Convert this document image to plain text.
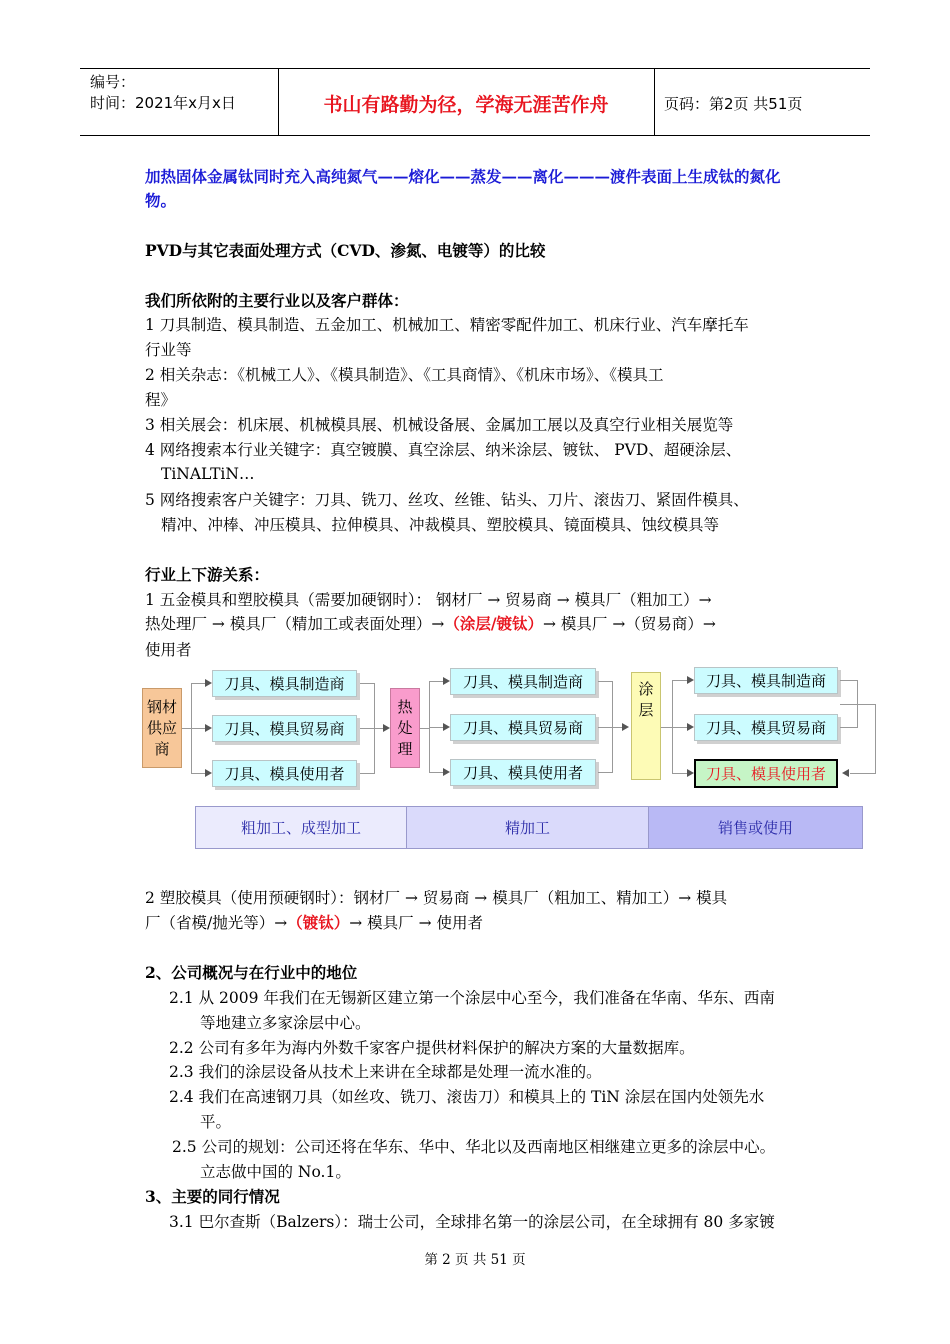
编号：
时间：2021年x月x日	书山有路勤为径，学海无涯苦作舟	页码：第2页 共51页
加热固体金属钛同时充入高纯氮气——熔化——蒸发——离化———渡件表面上生成钛的氮化
物。
PVD与其它表面处理方式（CVD、渗氮、电镀等）的比较
我们所依附的主要行业以及客户群体：
1 刀具制造、模具制造、五金加工、机械加工、精密零配件加工、机床行业、汽车摩托车
行业等
2 相关杂志：《机械工人》、《模具制造》、《工具商情》、《机床市场》、《模具工
程》
3 相关展会：机床展、机械模具展、机械设备展、金属加工展以及真空行业相关展览等
4 网络搜索本行业关键字：真空镀膜、真空涂层、纳米涂层、镀钛、 PVD、超硬涂层、
TiNALTiN…
5 网络搜索客户关键字：刀具、铣刀、丝攻、丝锥、钻头、刀片、滚齿刀、紧固件模具、
精冲、冲棒、冲压模具、拉伸模具、冲裁模具、塑胶模具、镜面模具、蚀纹模具等
行业上下游关系：
1 五金模具和塑胶模具（需要加硬钢时）： 钢材厂 → 贸易商 → 模具厂（粗加工）→
热处理厂 → 模具厂（精加工或表面处理）→（涂层/镀钛）→ 模具厂 →（贸易商）→
使用者
钢材
供应
商
刀具、模具制造商
刀具、模具贸易商
刀具、模具使用者
热
处
理
刀具、模具制造商
刀具、模具贸易商
刀具、模具使用者
涂
层
刀具、模具制造商
刀具、模具贸易商
刀具、模具使用者
粗加工、成型加工	精加工	销售或使用
2 塑胶模具（使用预硬钢时）：钢材厂 → 贸易商 → 模具厂（粗加工、精加工）→ 模具
厂（省模/抛光等）→（镀钛）→ 模具厂 → 使用者
2、公司概况与在行业中的地位
2.1 从 2009 年我们在无锡新区建立第一个涂层中心至今，我们准备在华南、华东、西南
等地建立多家涂层中心。
2.2 公司有多年为海内外数千家客户提供材料保护的解决方案的大量数据库。
2.3 我们的涂层设备从技术上来讲在全球都是处理一流水准的。
2.4 我们在高速钢刀具（如丝攻、铣刀、滚齿刀）和模具上的 TiN 涂层在国内处领先水
平。
2.5 公司的规划：公司还将在华东、华中、华北以及西南地区相继建立更多的涂层中心。
立志做中国的 No.1。
3、主要的同行情况
3.1 巴尔查斯（Balzers）：瑞士公司，全球排名第一的涂层公司，在全球拥有 80 多家镀
第 2 页 共 51 页
